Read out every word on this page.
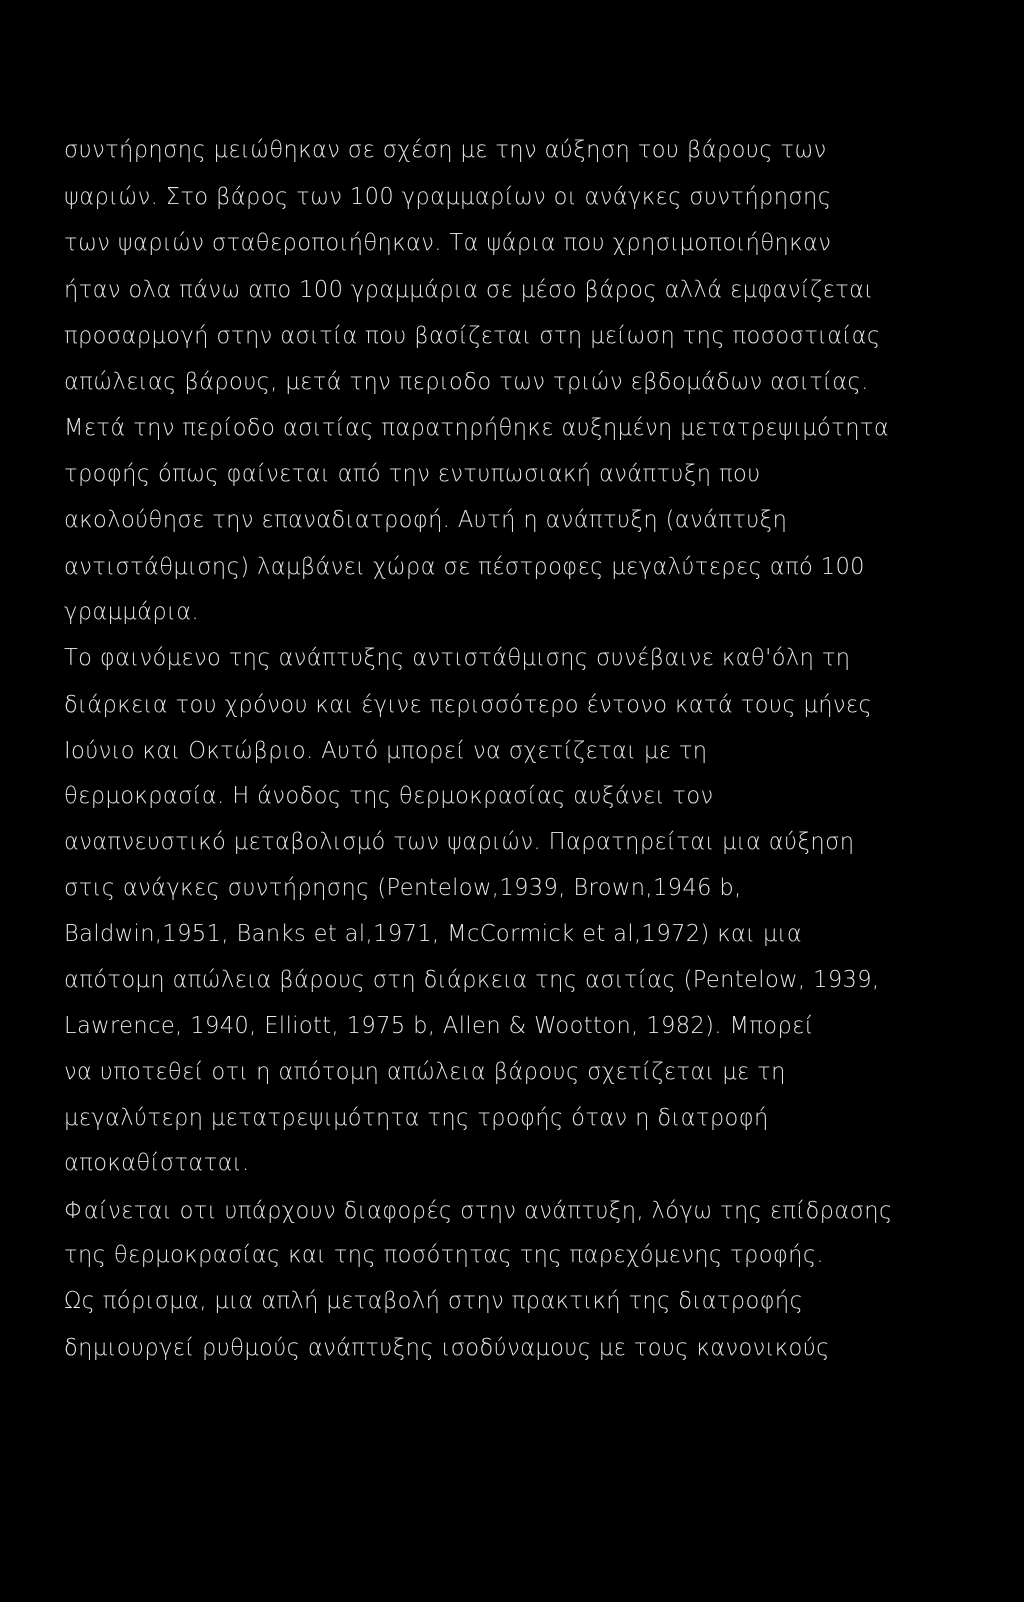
συντήρησης μειώθηκαν σε σχέση με την αύξηση του βάρους των
ψαριών. Στο βάρος των 100 γραμμαρίων οι ανάγκες συντήρησης
των ψαριών σταθεροποιήθηκαν. Τα ψάρια που χρησιμοποιήθηκαν
ήταν ολα πάνω απο 100 γραμμάρια σε μέσο βάρος αλλά εμφανίζεται
προσαρμογή στην ασιτία που βασίζεται στη μείωση της ποσοστιαίας
απώλειας βάρους, μετά την περιοδο των τριών εβδομάδων ασιτίας.
Μετά την περίοδο ασιτίας παρατηρήθηκε αυξημένη μετατρεψιμότητα
τροφής όπως φαίνεται από την εντυπωσιακή ανάπτυξη που
ακολούθησε την επαναδιατροφή. Αυτή η ανάπτυξη (ανάπτυξη
αντιστάθμισης) λαμβάνει χώρα σε πέστροφες μεγαλύτερες από 100
γραμμάρια.
Το φαινόμενο της ανάπτυξης αντιστάθμισης συνέβαινε καθ'όλη τη
διάρκεια του χρόνου και έγινε περισσότερο έντονο κατά τους μήνες
Ιούνιο και Οκτώβριο. Αυτό μπορεί να σχετίζεται με τη
θερμοκρασία. Η άνοδος της θερμοκρασίας αυξάνει τον
αναπνευστικό μεταβολισμό των ψαριών. Παρατηρείται μια αύξηση
στις ανάγκες συντήρησης (Pentelow,1939, Brown,1946 b,
Baldwin,1951, Banks et al,1971, McCormick et al,1972) και μια
απότομη απώλεια βάρους στη διάρκεια της ασιτίας (Pentelow, 1939,
Lawrence, 1940, Elliott, 1975 b, Allen & Wootton, 1982). Μπορεί
να υποτεθεί οτι η απότομη απώλεια βάρους σχετίζεται με τη
μεγαλύτερη μετατρεψιμότητα της τροφής όταν η διατροφή
αποκαθίσταται.
Φαίνεται οτι υπάρχουν διαφορές στην ανάπτυξη, λόγω της επίδρασης
της θερμοκρασίας και της ποσότητας της παρεχόμενης τροφής.
Ως πόρισμα, μια απλή μεταβολή στην πρακτική της διατροφής
δημιουργεί ρυθμούς ανάπτυξης ισοδύναμους με τους κανονικούς
